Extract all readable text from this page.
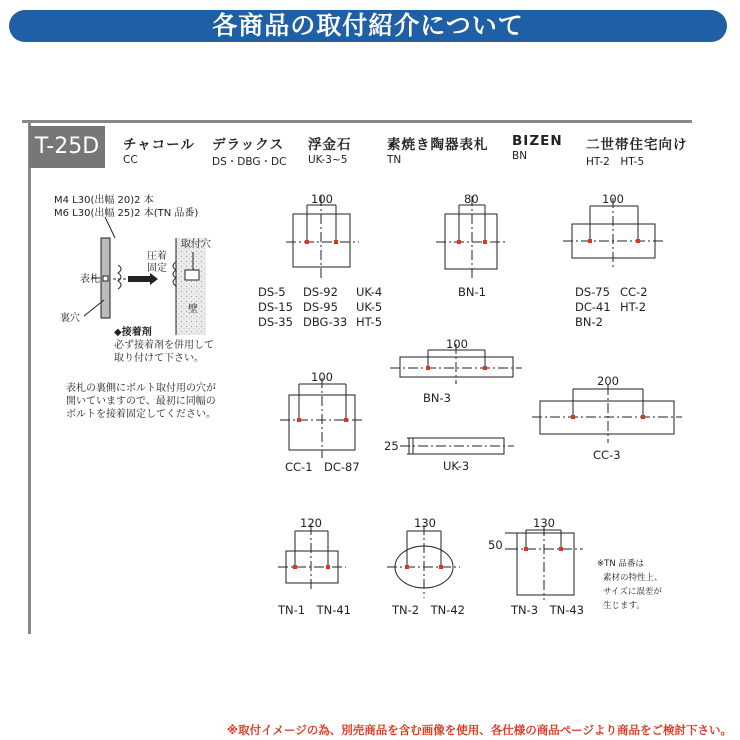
各商品の取付紹介について
T-25D	チャコール
CC
デラックス
DS・DBG・DC
浮金石
UK-3~5
素焼き陶器表札
TN
BIZEN
BN
二世帯住宅向け
HT-2　HT-5
M4 L30(出幅 20)2 本
M6 L30(出幅 25)2 本(TN 品番)
取付穴
圧着
固定
表札
壁
裏穴
◆接着剤
必ず接着剤を併用して
取り付けて下さい。
表札の裏側にボルト取付用の穴が
開いていますので、最初に同幅の
ボルトを接着固定してください。
100
DS-5 DS-92 UK-4
DS-15 DS-95 UK-5
DS-35 DBG-33 HT-5
80
BN-1
100
DS-75 CC-2
DC-41 HT-2
BN-2
100
BN-3
100
CC-1　DC-87
200
CC-3
25
UK-3
120
TN-1　TN-41
130
TN-2　TN-42
130
50
TN-3　TN-43
※TN 品番は
素材の特性上、
サイズに誤差が
生じます。
※取付イメージの為、別売商品を含む画像を使用、各仕様の商品ページより商品をご検討下さい。
